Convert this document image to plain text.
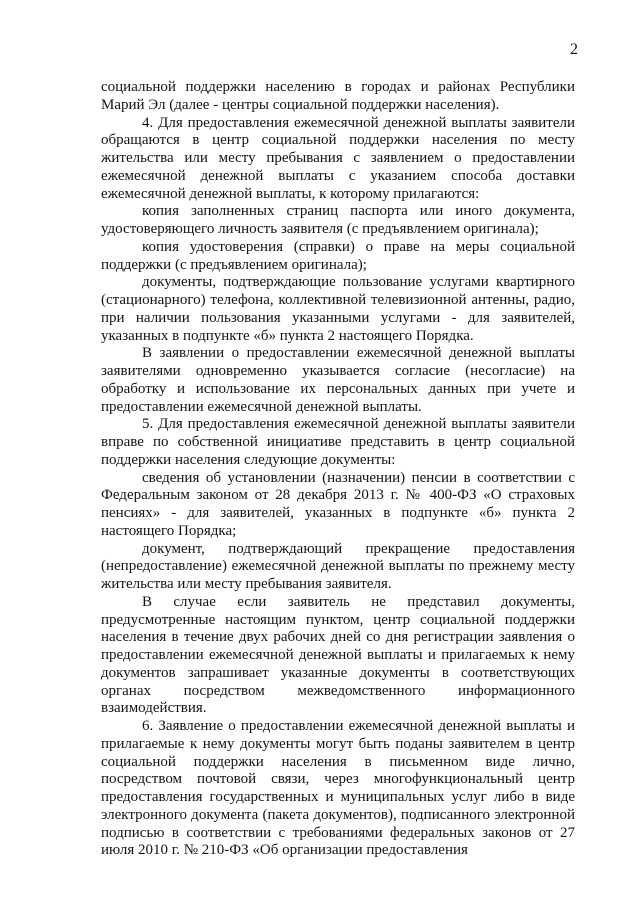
2

социальной поддержки населению в городах и районах Республики Марий Эл (далее - центры социальной поддержки населения).

4. Для предоставления ежемесячной денежной выплаты заявители обращаются в центр социальной поддержки населения по месту жительства или месту пребывания с заявлением о предоставлении ежемесячной денежной выплаты с указанием способа доставки ежемесячной денежной выплаты, к которому прилагаются:

копия заполненных страниц паспорта или иного документа, удостоверяющего личность заявителя (с предъявлением оригинала);

копия удостоверения (справки) о праве на меры социальной поддержки (с предъявлением оригинала);

документы, подтверждающие пользование услугами квартирного (стационарного) телефона, коллективной телевизионной антенны, радио, при наличии пользования указанными услугами - для заявителей, указанных в подпункте «б» пункта 2 настоящего Порядка.

В заявлении о предоставлении ежемесячной денежной выплаты заявителями одновременно указывается согласие (несогласие) на обработку и использование их персональных данных при учете и предоставлении ежемесячной денежной выплаты.

5. Для предоставления ежемесячной денежной выплаты заявители вправе по собственной инициативе представить в центр социальной поддержки населения следующие документы:

сведения об установлении (назначении) пенсии в соответствии с Федеральным законом от 28 декабря 2013 г. № 400-ФЗ «О страховых пенсиях» - для заявителей, указанных в подпункте «б» пункта 2 настоящего Порядка;

документ, подтверждающий прекращение предоставления (непредоставление) ежемесячной денежной выплаты по прежнему месту жительства или месту пребывания заявителя.

В случае если заявитель не представил документы, предусмотренные настоящим пунктом, центр социальной поддержки населения в течение двух рабочих дней со дня регистрации заявления о предоставлении ежемесячной денежной выплаты и прилагаемых к нему документов запрашивает указанные документы в соответствующих органах посредством межведомственного информационного взаимодействия.

6. Заявление о предоставлении ежемесячной денежной выплаты и прилагаемые к нему документы могут быть поданы заявителем в центр социальной поддержки населения в письменном виде лично, посредством почтовой связи, через многофункциональный центр предоставления государственных и муниципальных услуг либо в виде электронного документа (пакета документов), подписанного электронной подписью в соответствии с требованиями федеральных законов от 27 июля 2010 г. № 210-ФЗ «Об организации предоставления
